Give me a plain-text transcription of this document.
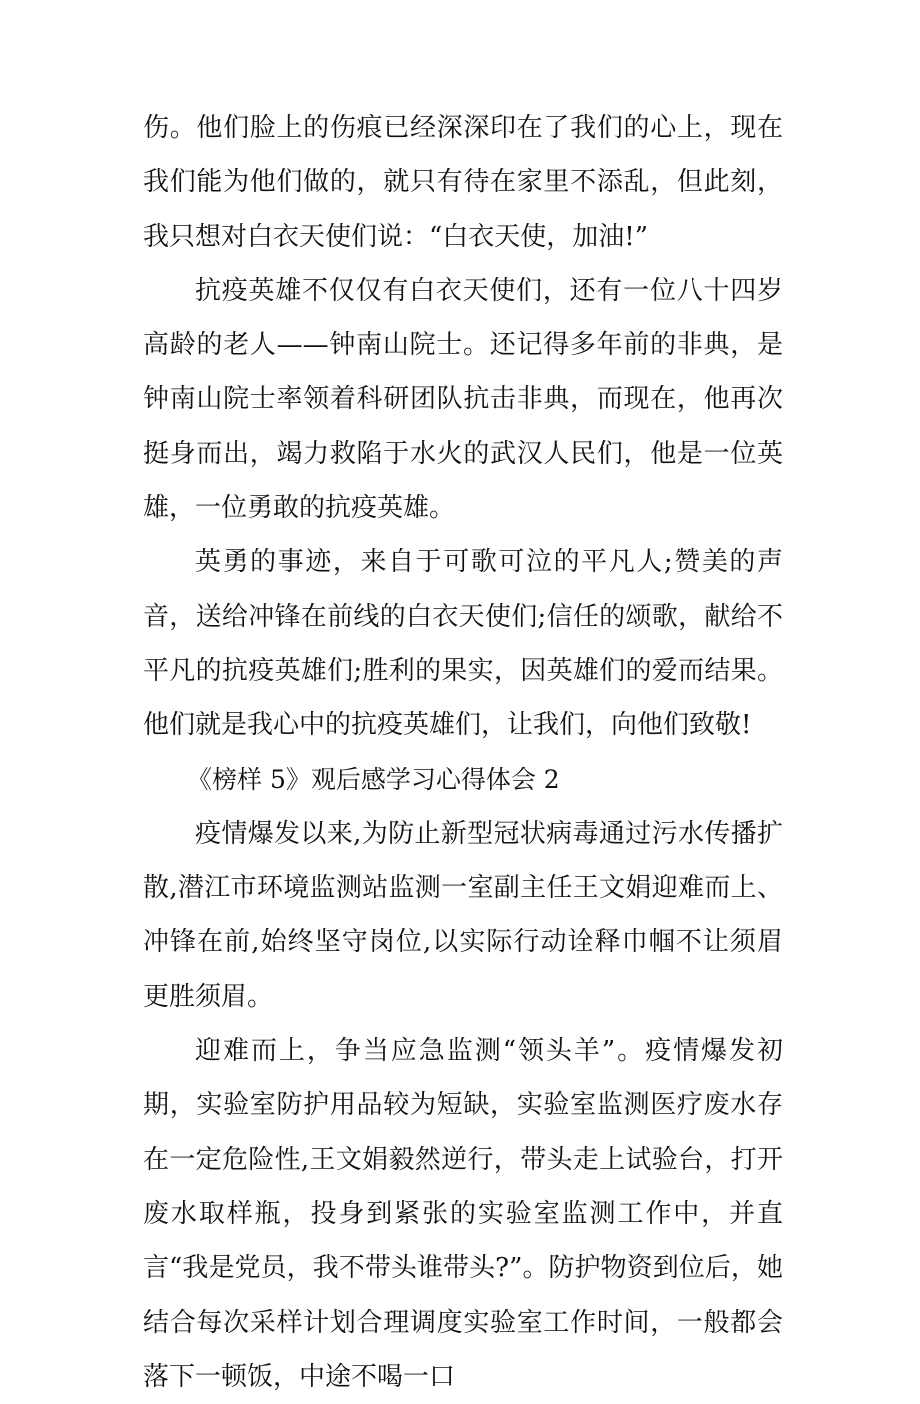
伤。他们脸上的伤痕已经深深印在了我们的心上，现在我们能为他们做的，就只有待在家里不添乱，但此刻，我只想对白衣天使们说：“白衣天使，加油!”

抗疫英雄不仅仅有白衣天使们，还有一位八十四岁高龄的老人——钟南山院士。还记得多年前的非典，是钟南山院士率领着科研团队抗击非典，而现在，他再次挺身而出，竭力救陷于水火的武汉人民们，他是一位英雄，一位勇敢的抗疫英雄。

英勇的事迹，来自于可歌可泣的平凡人;赞美的声音，送给冲锋在前线的白衣天使们;信任的颂歌，献给不平凡的抗疫英雄们;胜利的果实，因英雄们的爱而结果。他们就是我心中的抗疫英雄们，让我们，向他们致敬!

《榜样 5》观后感学习心得体会 2

疫情爆发以来,为防止新型冠状病毒通过污水传播扩散,潜江市环境监测站监测一室副主任王文娟迎难而上、冲锋在前,始终坚守岗位,以实际行动诠释巾帼不让须眉更胜须眉。

迎难而上，争当应急监测“领头羊”。疫情爆发初期，实验室防护用品较为短缺，实验室监测医疗废水存在一定危险性,王文娟毅然逆行，带头走上试验台，打开废水取样瓶，投身到紧张的实验室监测工作中，并直言“我是党员，我不带头谁带头?”。防护物资到位后，她结合每次采样计划合理调度实验室工作时间，一般都会落下一顿饭，中途不喝一口
